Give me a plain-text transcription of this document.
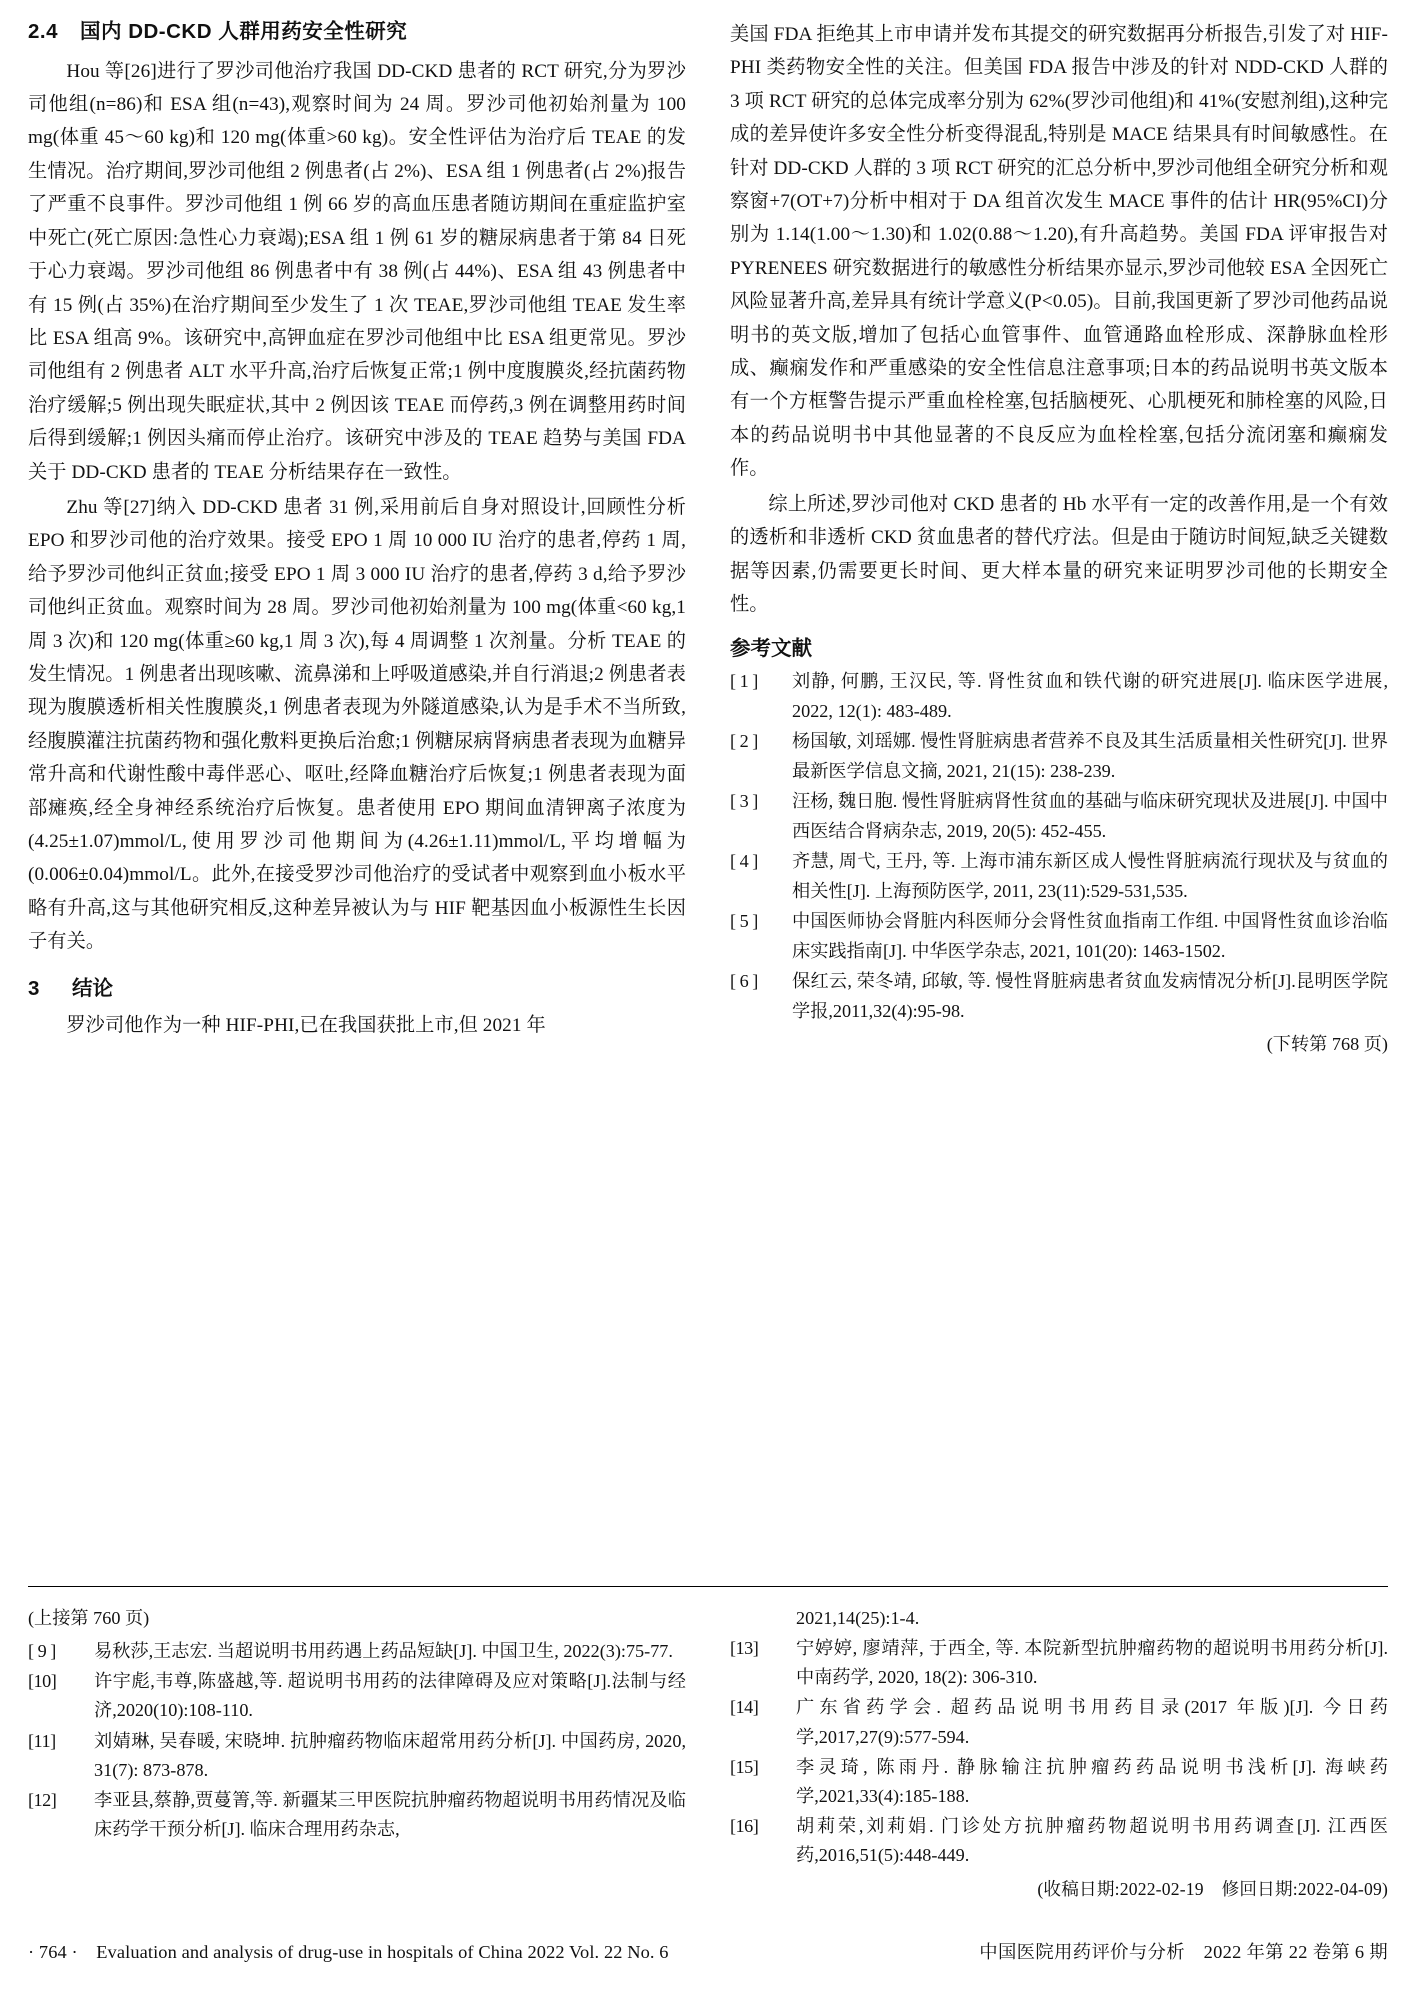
2.4 国内 DD-CKD 人群用药安全性研究

Hou 等[26]进行了罗沙司他治疗我国 DD-CKD 患者的 RCT 研究,分为罗沙司他组(n=86)和 ESA 组(n=43),观察时间为 24 周。罗沙司他初始剂量为 100 mg(体重 45～60 kg)和 120 mg(体重>60 kg)。安全性评估为治疗后 TEAE 的发生情况。治疗期间,罗沙司他组 2 例患者(占 2%)、ESA 组 1 例患者(占 2%)报告了严重不良事件。罗沙司他组 1 例 66 岁的高血压患者随访期间在重症监护室中死亡(死亡原因:急性心力衰竭);ESA 组 1 例 61 岁的糖尿病患者于第 84 日死于心力衰竭。罗沙司他组 86 例患者中有 38 例(占 44%)、ESA 组 43 例患者中有 15 例(占 35%)在治疗期间至少发生了 1 次 TEAE,罗沙司他组 TEAE 发生率比 ESA 组高 9%。该研究中,高钾血症在罗沙司他组中比 ESA 组更常见。罗沙司他组有 2 例患者 ALT 水平升高,治疗后恢复正常;1 例中度腹膜炎,经抗菌药物治疗缓解;5 例出现失眠症状,其中 2 例因该 TEAE 而停药,3 例在调整用药时间后得到缓解;1 例因头痛而停止治疗。该研究中涉及的 TEAE 趋势与美国 FDA 关于 DD-CKD 患者的 TEAE 分析结果存在一致性。

Zhu 等[27]纳入 DD-CKD 患者 31 例,采用前后自身对照设计,回顾性分析 EPO 和罗沙司他的治疗效果。接受 EPO 1 周 10 000 IU 治疗的患者,停药 1 周,给予罗沙司他纠正贫血;接受 EPO 1 周 3 000 IU 治疗的患者,停药 3 d,给予罗沙司他纠正贫血。观察时间为 28 周。罗沙司他初始剂量为 100 mg(体重<60 kg,1 周 3 次)和 120 mg(体重≥60 kg,1 周 3 次),每 4 周调整 1 次剂量。分析 TEAE 的发生情况。1 例患者出现咳嗽、流鼻涕和上呼吸道感染,并自行消退;2 例患者表现为腹膜透析相关性腹膜炎,1 例患者表现为外隧道感染,认为是手术不当所致,经腹膜灌注抗菌药物和强化敷料更换后治愈;1 例糖尿病肾病患者表现为血糖异常升高和代谢性酸中毒伴恶心、呕吐,经降血糖治疗后恢复;1 例患者表现为面部瘫痪,经全身神经系统治疗后恢复。患者使用 EPO 期间血清钾离子浓度为(4.25±1.07)mmol/L,使用罗沙司他期间为(4.26±1.11)mmol/L,平均增幅为(0.006±0.04)mmol/L。此外,在接受罗沙司他治疗的受试者中观察到血小板水平略有升高,这与其他研究相反,这种差异被认为与 HIF 靶基因血小板源性生长因子有关。

3 结论

罗沙司他作为一种 HIF-PHI,已在我国获批上市,但 2021 年

美国 FDA 拒绝其上市申请并发布其提交的研究数据再分析报告,引发了对 HIF-PHI 类药物安全性的关注。但美国 FDA 报告中涉及的针对 NDD-CKD 人群的 3 项 RCT 研究的总体完成率分别为 62%(罗沙司他组)和 41%(安慰剂组),这种完成的差异使许多安全性分析变得混乱,特别是 MACE 结果具有时间敏感性。在针对 DD-CKD 人群的 3 项 RCT 研究的汇总分析中,罗沙司他组全研究分析和观察窗+7(OT+7)分析中相对于 DA 组首次发生 MACE 事件的估计 HR(95%CI)分别为 1.14(1.00～1.30)和 1.02(0.88～1.20),有升高趋势。美国 FDA 评审报告对 PYRENEES 研究数据进行的敏感性分析结果亦显示,罗沙司他较 ESA 全因死亡风险显著升高,差异具有统计学意义(P<0.05)。目前,我国更新了罗沙司他药品说明书的英文版,增加了包括心血管事件、血管通路血栓形成、深静脉血栓形成、癫痫发作和严重感染的安全性信息注意事项;日本的药品说明书英文版本有一个方框警告提示严重血栓栓塞,包括脑梗死、心肌梗死和肺栓塞的风险,日本的药品说明书中其他显著的不良反应为血栓栓塞,包括分流闭塞和癫痫发作。

综上所述,罗沙司他对 CKD 患者的 Hb 水平有一定的改善作用,是一个有效的透析和非透析 CKD 贫血患者的替代疗法。但是由于随访时间短,缺乏关键数据等因素,仍需要更长时间、更大样本量的研究来证明罗沙司他的长期安全性。

参考文献
[ 1 ]	刘静, 何鹏, 王汉民, 等. 肾性贫血和铁代谢的研究进展[J]. 临床医学进展, 2022, 12(1): 483-489.
[ 2 ]	杨国敏, 刘瑶娜. 慢性肾脏病患者营养不良及其生活质量相关性研究[J]. 世界最新医学信息文摘, 2021, 21(15): 238-239.
[ 3 ]	汪杨, 魏日胞. 慢性肾脏病肾性贫血的基础与临床研究现状及进展[J]. 中国中西医结合肾病杂志, 2019, 20(5): 452-455.
[ 4 ]	齐慧, 周弋, 王丹, 等. 上海市浦东新区成人慢性肾脏病流行现状及与贫血的相关性[J]. 上海预防医学, 2011, 23(11):529-531,535.
[ 5 ]	中国医师协会肾脏内科医师分会肾性贫血指南工作组. 中国肾性贫血诊治临床实践指南[J]. 中华医学杂志, 2021, 101(20): 1463-1502.
[ 6 ]	保红云, 荣冬靖, 邱敏, 等. 慢性肾脏病患者贫血发病情况分析[J].昆明医学院学报,2011,32(4):95-98.
(下转第 768 页)
(上接第 760 页)
[ 9 ]	易秋莎,王志宏. 当超说明书用药遇上药品短缺[J]. 中国卫生, 2022(3):75-77.
[10]	许宇彪,韦尊,陈盛越,等. 超说明书用药的法律障碍及应对策略[J].法制与经济,2020(10):108-110.
[11]	刘婧琳, 吴春暖, 宋晓坤. 抗肿瘤药物临床超常用药分析[J]. 中国药房, 2020, 31(7): 873-878.
[12]	李亚县,蔡静,贾蔓箐,等. 新疆某三甲医院抗肿瘤药物超说明书用药情况及临床药学干预分析[J]. 临床合理用药杂志,
2021,14(25):1-4.
[13]	宁婷婷, 廖靖萍, 于西全, 等. 本院新型抗肿瘤药物的超说明书用药分析[J]. 中南药学, 2020, 18(2): 306-310.
[14]	广东省药学会. 超药品说明书用药目录(2017 年版)[J]. 今日药学,2017,27(9):577-594.
[15]	李灵琦, 陈雨丹. 静脉输注抗肿瘤药药品说明书浅析[J]. 海峡药学,2021,33(4):185-188.
[16]	胡莉荣,刘莉娟. 门诊处方抗肿瘤药物超说明书用药调查[J]. 江西医药,2016,51(5):448-449.
(收稿日期:2022-02-19　修回日期:2022-04-09)
· 764 ·　Evaluation and analysis of drug-use in hospitals of China 2022 Vol. 22 No. 6	中国医院用药评价与分析　2022 年第 22 卷第 6 期
